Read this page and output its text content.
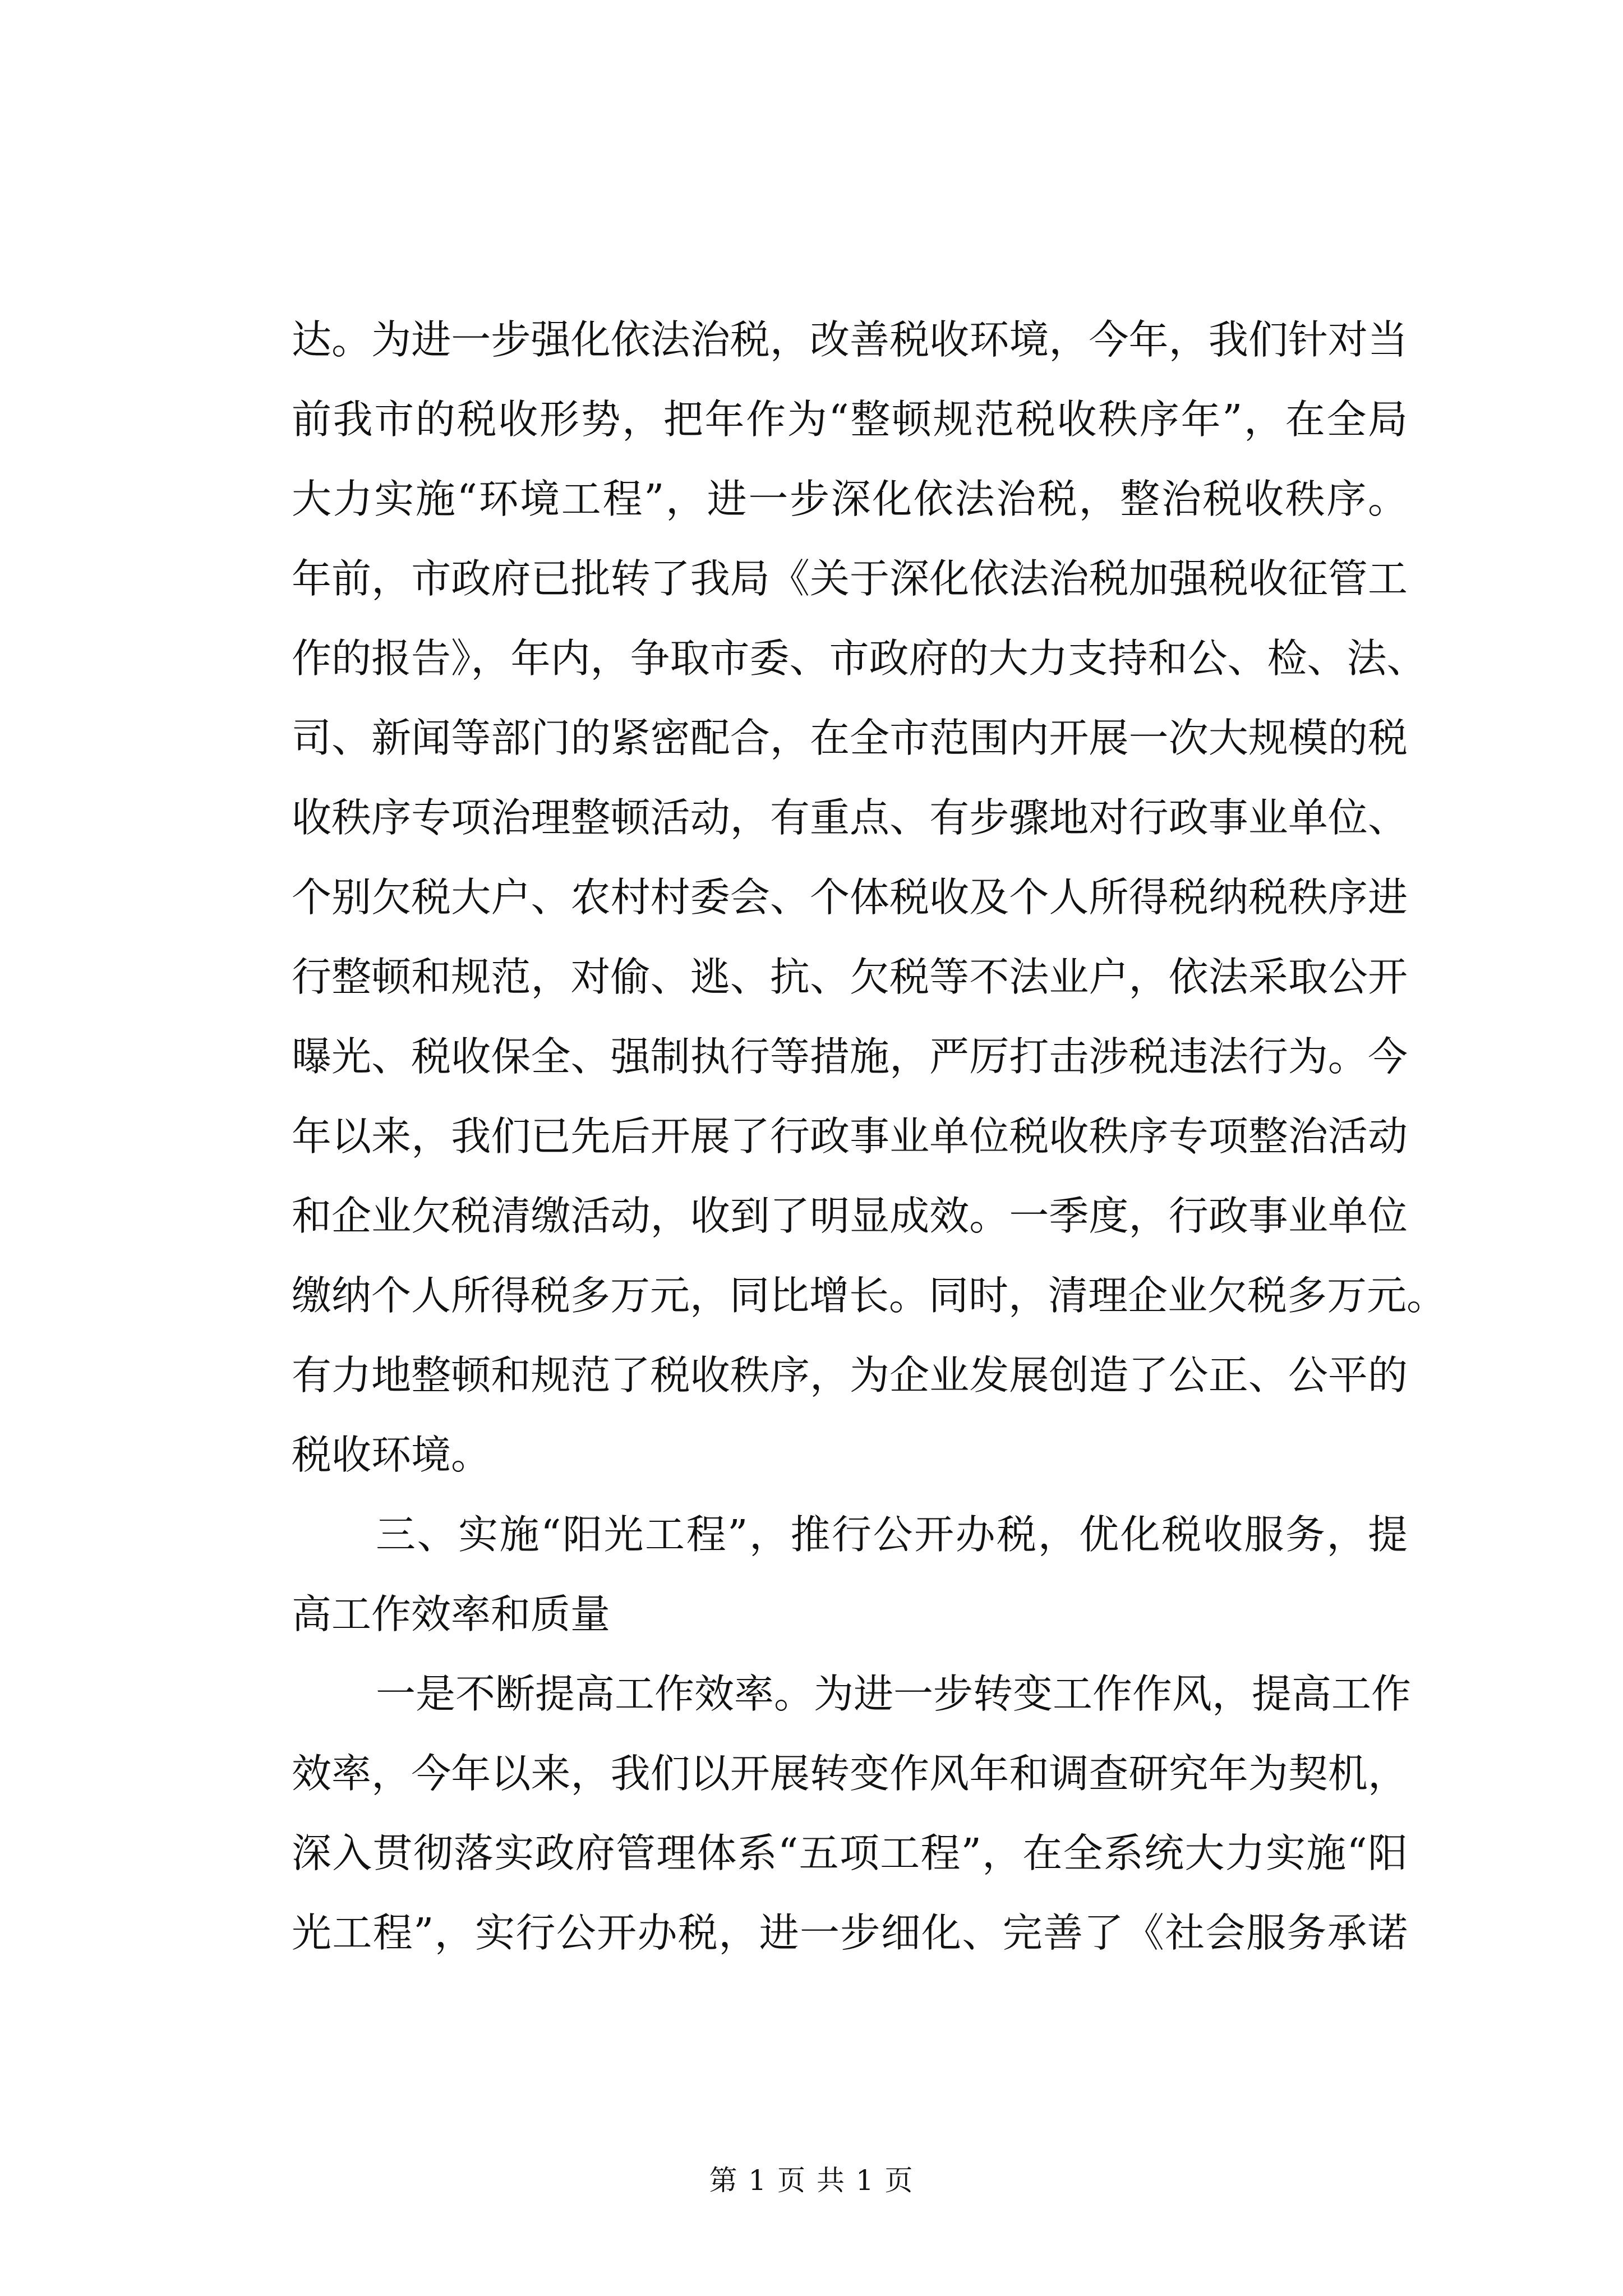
达。为进一步强化依法治税，改善税收环境，今年，我们针对当
前我市的税收形势，把年作为“整顿规范税收秩序年”，在全局
大力实施“环境工程”，进一步深化依法治税，整治税收秩序。
年前，市政府已批转了我局《关于深化依法治税加强税收征管工
作的报告》，年内，争取市委、市政府的大力支持和公、检、法、
司、新闻等部门的紧密配合，在全市范围内开展一次大规模的税
收秩序专项治理整顿活动，有重点、有步骤地对行政事业单位、
个别欠税大户、农村村委会、个体税收及个人所得税纳税秩序进
行整顿和规范，对偷、逃、抗、欠税等不法业户，依法采取公开
曝光、税收保全、强制执行等措施，严厉打击涉税违法行为。今
年以来，我们已先后开展了行政事业单位税收秩序专项整治活动
和企业欠税清缴活动，收到了明显成效。一季度，行政事业单位
缴纳个人所得税多万元，同比增长。同时，清理企业欠税多万元。
有力地整顿和规范了税收秩序，为企业发展创造了公正、公平的
税收环境。
三、实施“阳光工程”，推行公开办税，优化税收服务，提
高工作效率和质量
一是不断提高工作效率。为进一步转变工作作风，提高工作
效率，今年以来，我们以开展转变作风年和调查研究年为契机，
深入贯彻落实政府管理体系“五项工程”，在全系统大力实施“阳
光工程”，实行公开办税，进一步细化、完善了《社会服务承诺
第 1 页 共 1 页
